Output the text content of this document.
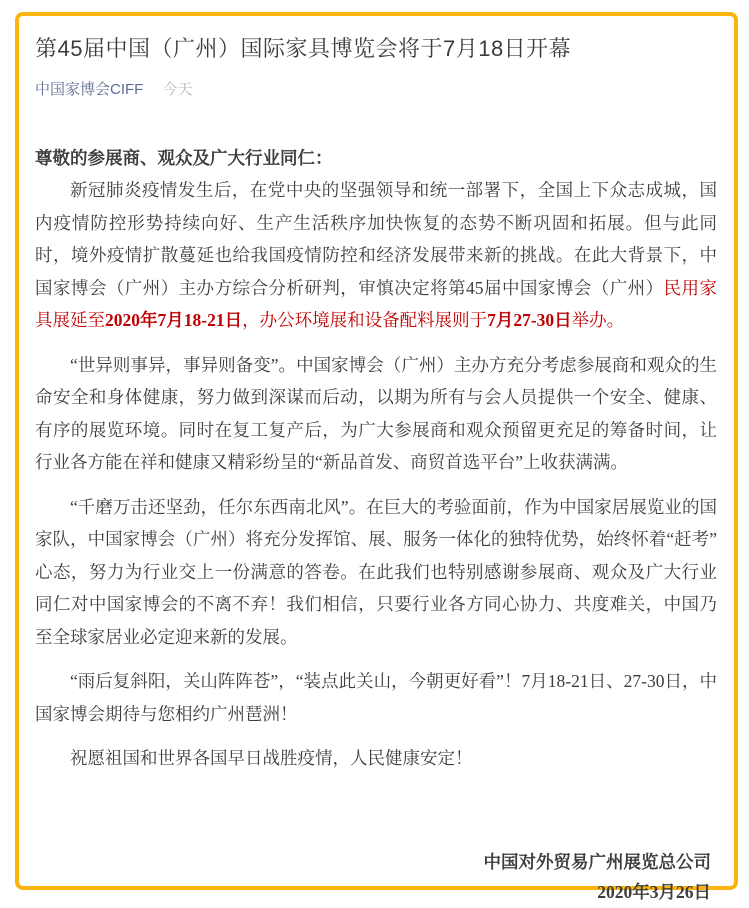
第45届中国（广州）国际家具博览会将于7月18日开幕
中国家博会CIFF 今天

尊敬的参展商、观众及广大行业同仁：

新冠肺炎疫情发生后，在党中央的坚强领导和统一部署下，全国上下众志成城，国内疫情防控形势持续向好、生产生活秩序加快恢复的态势不断巩固和拓展。但与此同时，境外疫情扩散蔓延也给我国疫情防控和经济发展带来新的挑战。在此大背景下，中国家博会（广州）主办方综合分析研判，审慎决定将第45届中国家博会（广州）民用家具展延至2020年7月18-21日，办公环境展和设备配料展则于7月27-30日举办。

“世异则事异，事异则备变”。中国家博会（广州）主办方充分考虑参展商和观众的生命安全和身体健康，努力做到深谋而后动，以期为所有与会人员提供一个安全、健康、有序的展览环境。同时在复工复产后，为广大参展商和观众预留更充足的筹备时间，让行业各方能在祥和健康又精彩纷呈的“新品首发、商贸首选平台”上收获满满。

“千磨万击还坚劲，任尔东西南北风”。在巨大的考验面前，作为中国家居展览业的国家队，中国家博会（广州）将充分发挥馆、展、服务一体化的独特优势，始终怀着“赶考”心态，努力为行业交上一份满意的答卷。在此我们也特别感谢参展商、观众及广大行业同仁对中国家博会的不离不弃！我们相信，只要行业各方同心协力、共度难关，中国乃至全球家居业必定迎来新的发展。

“雨后复斜阳，关山阵阵苍”，“装点此关山，今朝更好看”！7月18-21日、27-30日，中国家博会期待与您相约广州琶洲！

祝愿祖国和世界各国早日战胜疫情，人民健康安定！

中国对外贸易广州展览总公司

2020年3月26日
